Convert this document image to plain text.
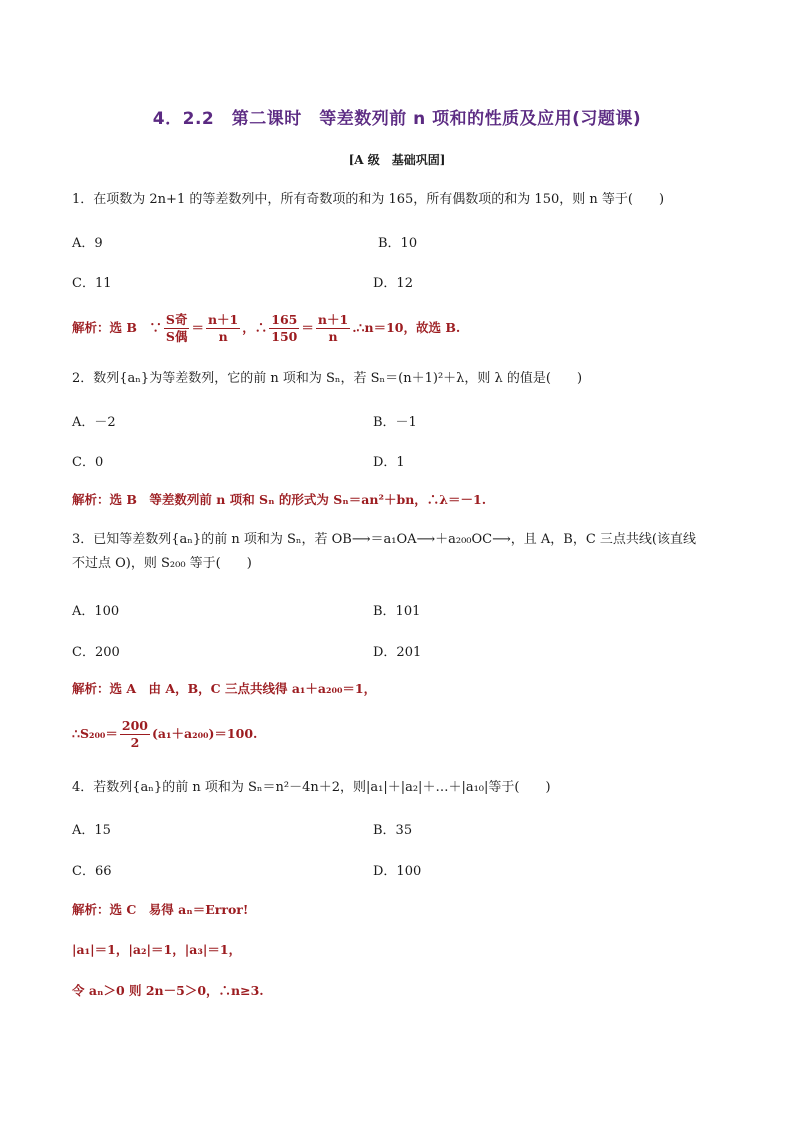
4．2.2　第二课时　等差数列前 n 项和的性质及应用(习题课)
[A 级　基础巩固]
1．在项数为 2n+1 的等差数列中，所有奇数项的和为 165，所有偶数项的和为 150，则 n 等于(　　)
A．9	B．10
C．11	D．12
解析：选 B　∵ $\frac{\text{S奇}}{\text{S偶}} = \frac{n+1}{n}$ ，∴ $\frac{165}{150} = \frac{n+1}{n}$ .∴n＝10，故选 B.
2．数列{aₙ}为等差数列，它的前 n 项和为 Sₙ，若 Sₙ＝(n＋1)²＋λ，则 λ 的值是(　　)
A．－2	B．－1
C．0	D．1
解析：选 B　等差数列前 n 项和 Sₙ 的形式为 Sₙ＝an²＋bn，∴λ＝－1.
3．已知等差数列{aₙ}的前 n 项和为 Sₙ，若 OB⟶＝a₁OA⟶＋a₂₀₀OC⟶，且 A，B，C 三点共线(该直线
不过点 O)，则 S₂₀₀ 等于(　　)
A．100	B．101
C．200	D．201
解析：选 A　由 A，B，C 三点共线得 a₁＋a₂₀₀＝1，
∴S₂₀₀＝ $\frac{200}{2} (a_1+a_{200})=100$.
4．若数列{aₙ}的前 n 项和为 Sₙ＝n²－4n＋2，则|a₁|＋|a₂|＋…＋|a₁₀|等于(　　)
A．15	B．35
C．66	D．100
解析：选 C　易得 aₙ＝Error!
|a₁|＝1，|a₂|＝1，|a₃|＝1，
令 aₙ＞0 则 2n－5＞0，∴n≥3.
